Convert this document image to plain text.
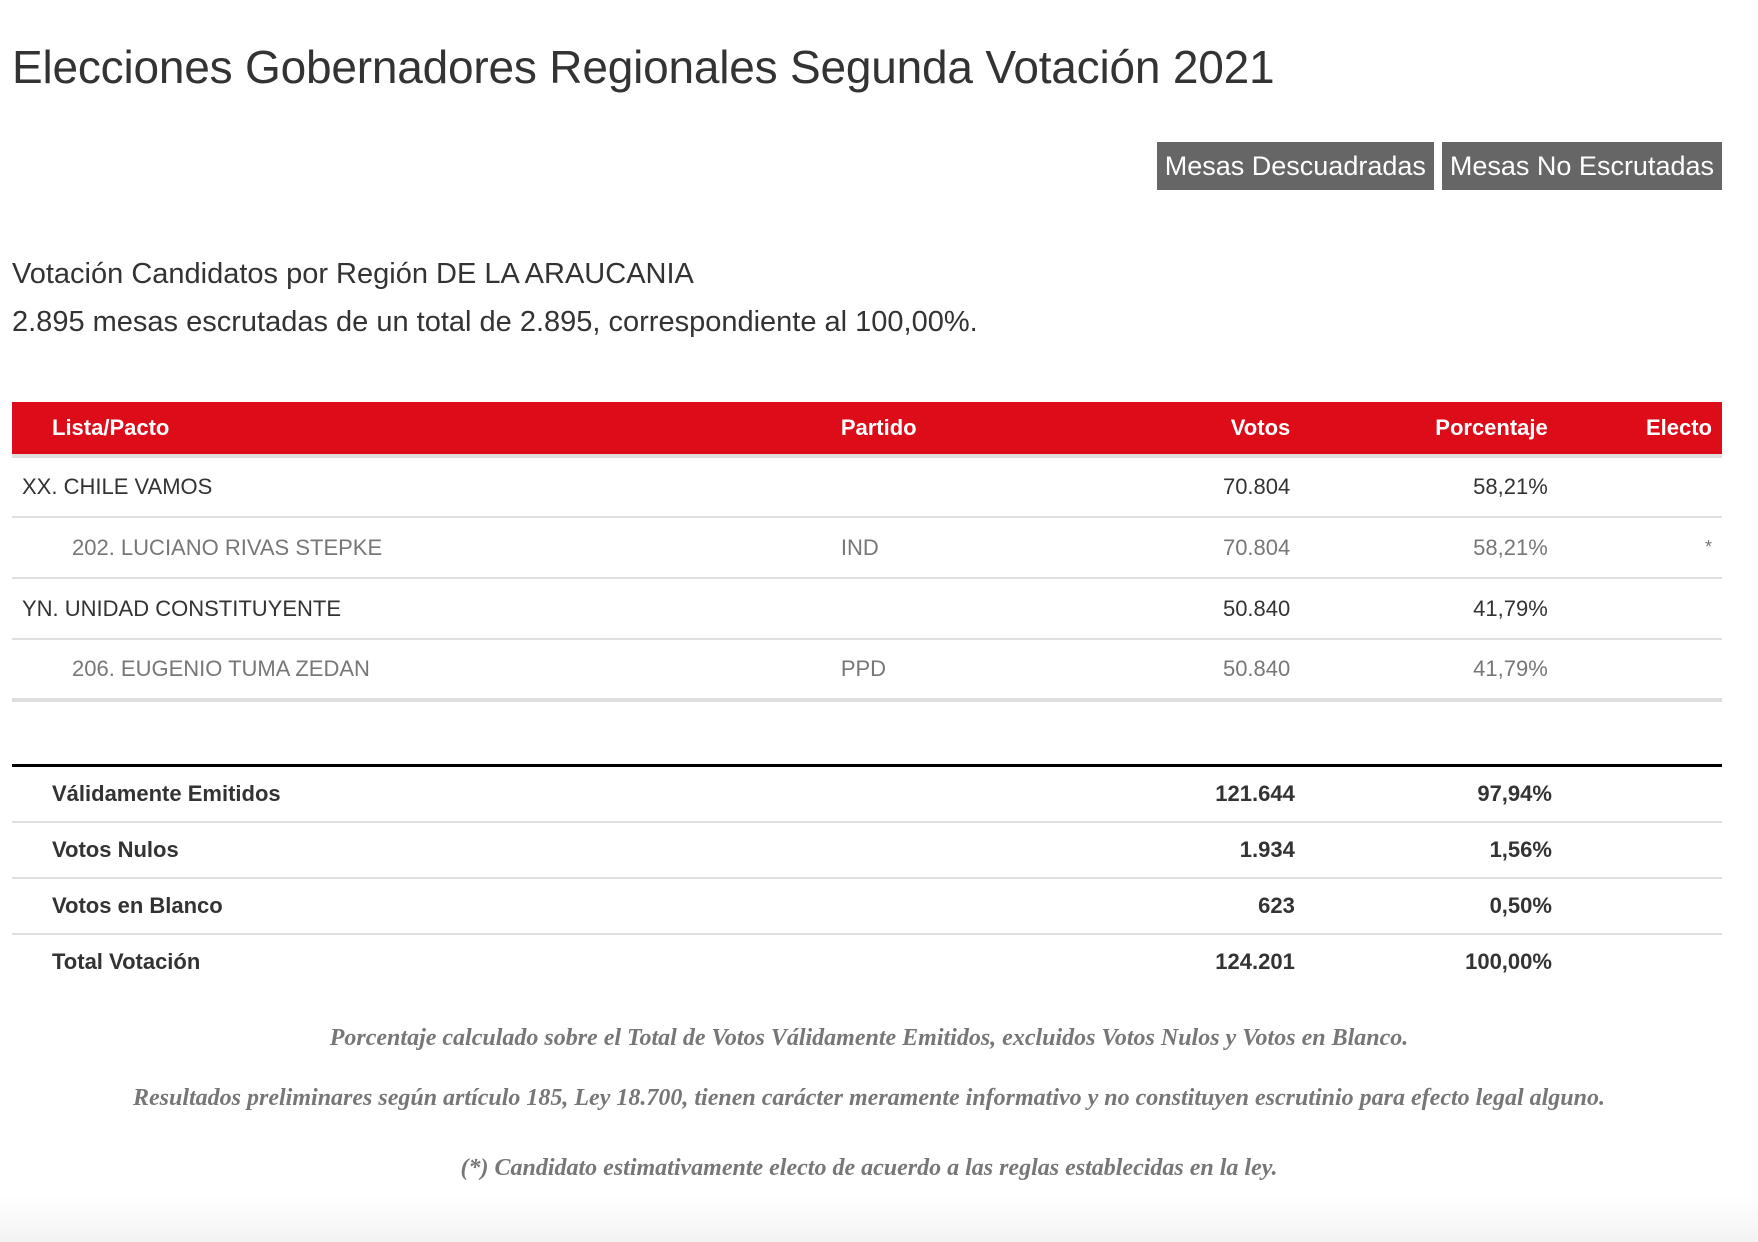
Elecciones Gobernadores Regionales Segunda Votación 2021
Mesas Descuadradas Mesas No Escrutadas
Votación Candidatos por Región DE LA ARAUCANIA
2.895 mesas escrutadas de un total de 2.895, correspondiente al 100,00%.
Lista/Pacto	Partido	Votos	Porcentaje	Electo
XX. CHILE VAMOS		70.804	58,21%	
202. LUCIANO RIVAS STEPKE	IND	70.804	58,21%	*
YN. UNIDAD CONSTITUYENTE		50.840	41,79%	
206. EUGENIO TUMA ZEDAN	PPD	50.840	41,79%	
Válidamente Emitidos		121.644	97,94%	
Votos Nulos		1.934	1,56%	
Votos en Blanco		623	0,50%	
Total Votación		124.201	100,00%	

Porcentaje calculado sobre el Total de Votos Válidamente Emitidos, excluidos Votos Nulos y Votos en Blanco.

Resultados preliminares según artículo 185, Ley 18.700, tienen carácter meramente informativo y no constituyen escrutinio para efecto legal alguno.

(*) Candidato estimativamente electo de acuerdo a las reglas establecidas en la ley.
